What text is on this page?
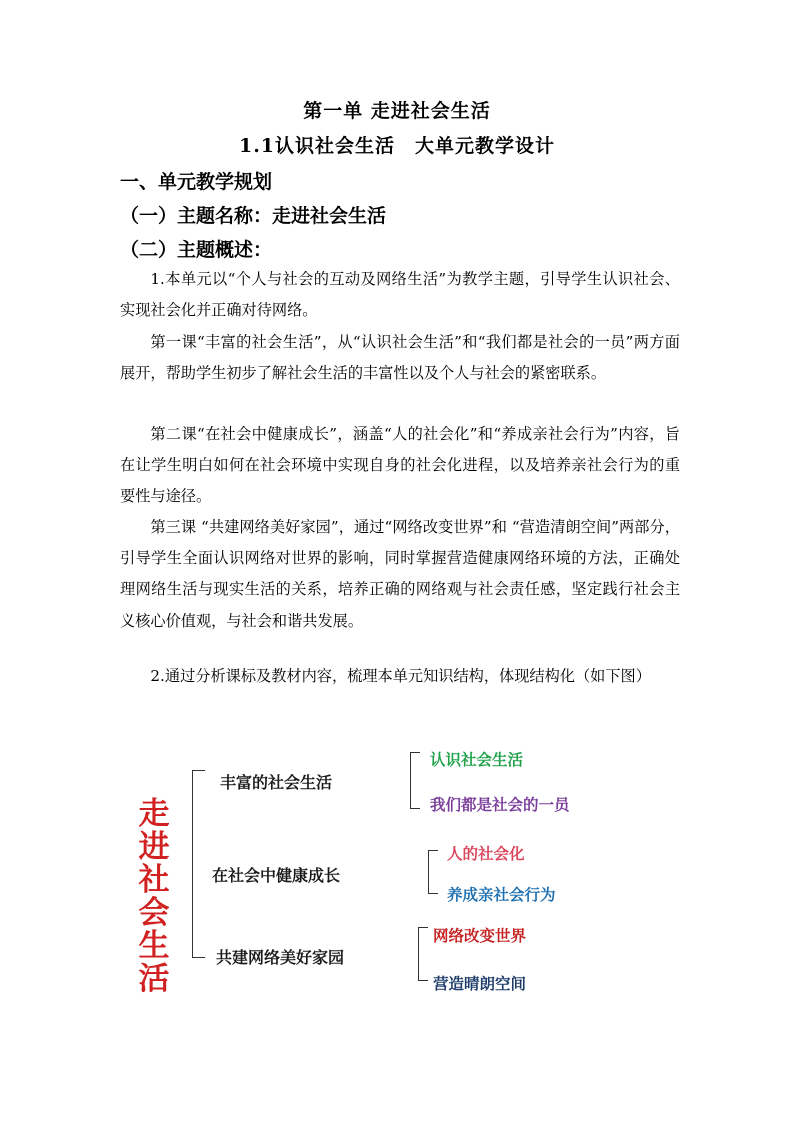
第一单 走进社会生活
1.1认识社会生活　大单元教学设计
一、单元教学规划
（一）主题名称：走进社会生活
（二）主题概述：
1.本单元以“个人与社会的互动及网络生活”为教学主题，引导学生认识社会、实现社会化并正确对待网络。
第一课“丰富的社会生活”，从“认识社会生活”和“我们都是社会的一员”两方面展开，帮助学生初步了解社会生活的丰富性以及个人与社会的紧密联系。
第二课“在社会中健康成长”，涵盖“人的社会化”和“养成亲社会行为”内容，旨在让学生明白如何在社会环境中实现自身的社会化进程，以及培养亲社会行为的重要性与途径。
第三课 “共建网络美好家园”，通过“网络改变世界”和 “营造清朗空间”两部分，引导学生全面认识网络对世界的影响，同时掌握营造健康网络环境的方法，正确处理网络生活与现实生活的关系，培养正确的网络观与社会责任感，坚定践行社会主义核心价值观，与社会和谐共发展。
2.通过分析课标及教材内容，梳理本单元知识结构，体现结构化（如下图）
走进社会生活
丰富的社会生活
在社会中健康成长
共建网络美好家园
认识社会生活
我们都是社会的一员
人的社会化
养成亲社会行为
网络改变世界
营造晴朗空间
